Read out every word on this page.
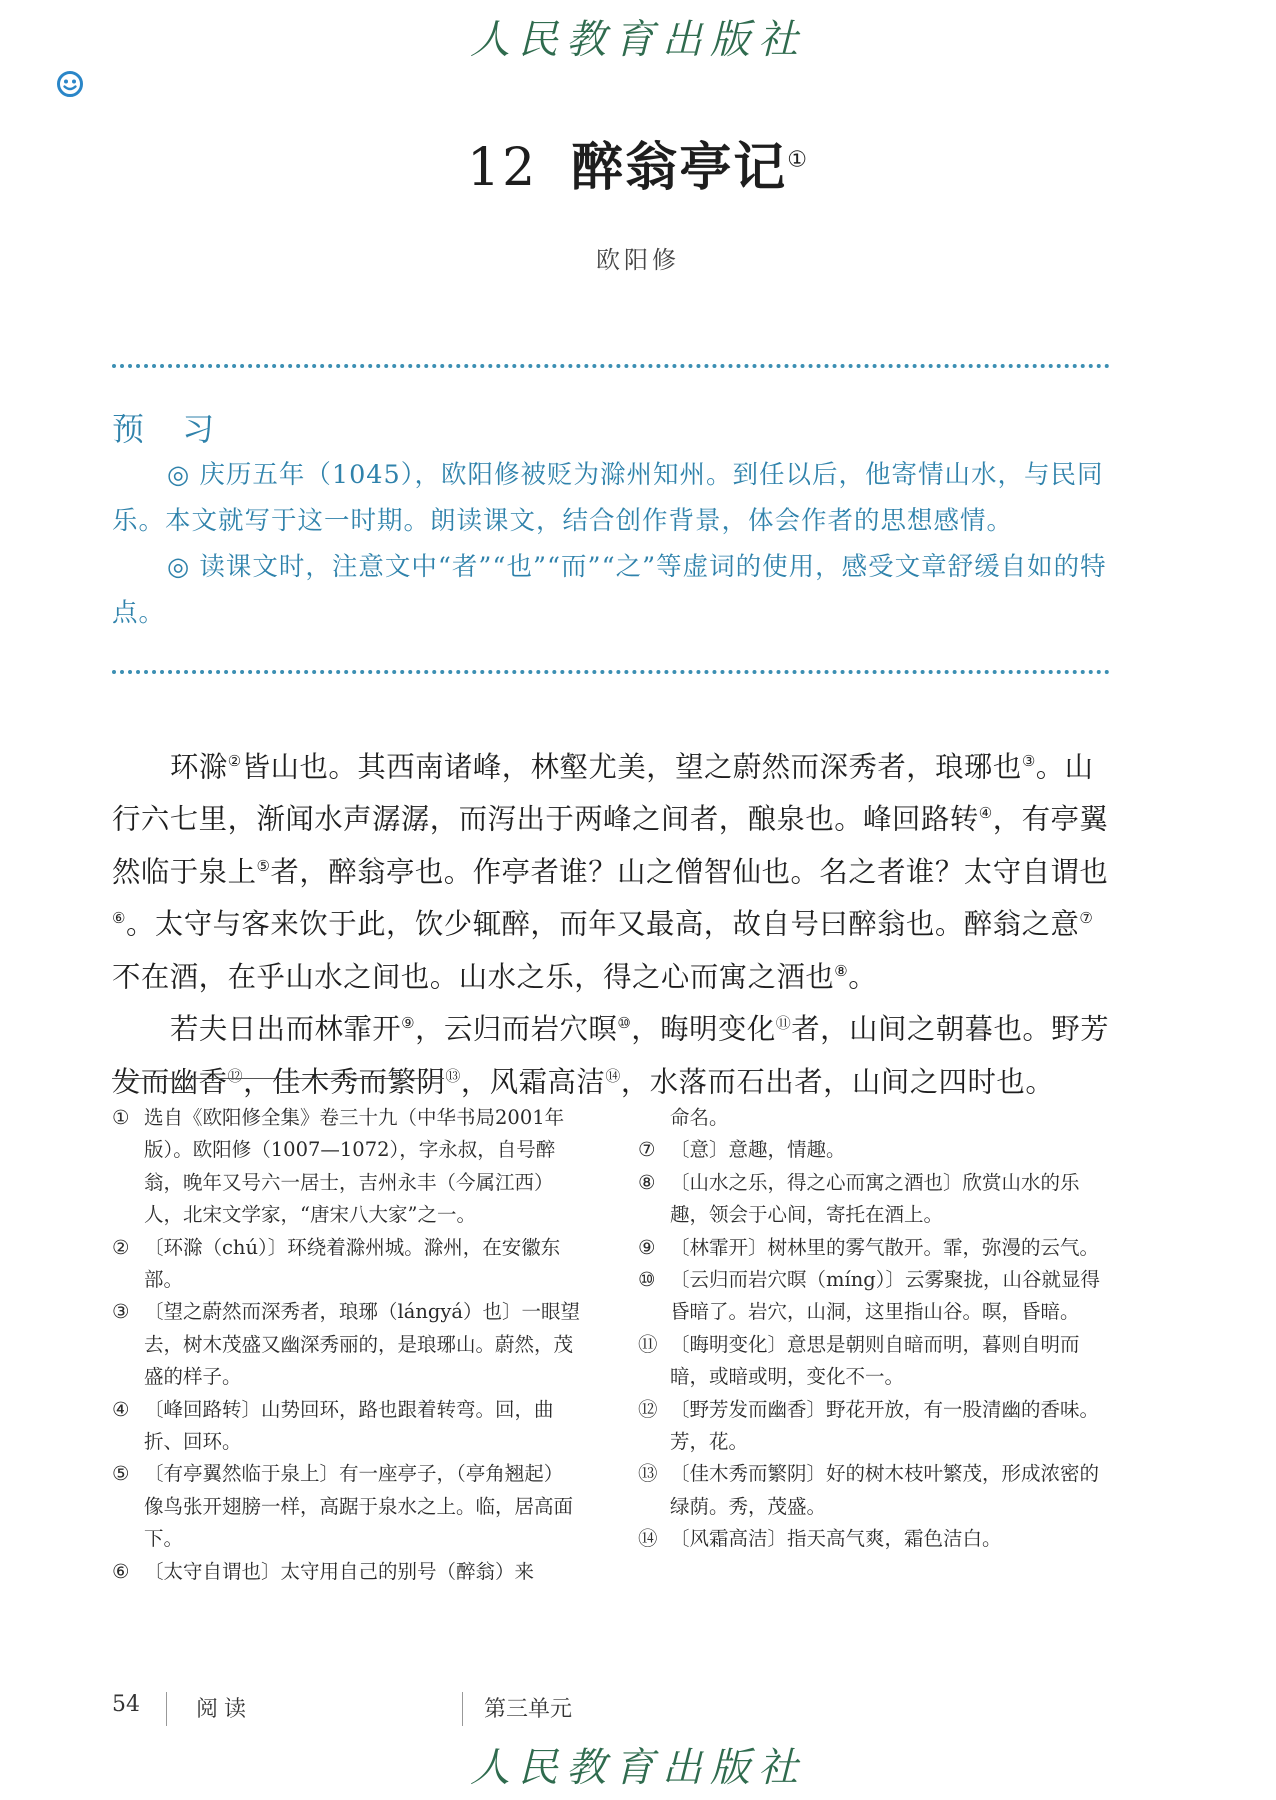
人民教育出版社
12 醉翁亭记①
欧阳修
预 习

◎ 庆历五年（1045），欧阳修被贬为滁州知州。到任以后，他寄情山水，与民同乐。本文就写于这一时期。朗读课文，结合创作背景，体会作者的思想感情。

◎ 读课文时，注意文中“者”“也”“而”“之”等虚词的使用，感受文章舒缓自如的特点。

环滁②皆山也。其西南诸峰，林壑尤美，望之蔚然而深秀者，琅琊也③。山行六七里，渐闻水声潺潺，而泻出于两峰之间者，酿泉也。峰回路转④，有亭翼然临于泉上⑤者，醉翁亭也。作亭者谁？山之僧智仙也。名之者谁？太守自谓也⑥。太守与客来饮于此，饮少辄醉，而年又最高，故自号曰醉翁也。醉翁之意⑦不在酒，在乎山水之间也。山水之乐，得之心而寓之酒也⑧。

若夫日出而林霏开⑨，云归而岩穴暝⑩，晦明变化⑪者，山间之朝暮也。野芳发而幽香⑫，佳木秀而繁阴⑬，风霜高洁⑭，水落而石出者，山间之四时也。

① 选自《欧阳修全集》卷三十九（中华书局2001年版）。欧阳修（1007—1072），字永叔，自号醉翁，晚年又号六一居士，吉州永丰（今属江西）人，北宋文学家，“唐宋八大家”之一。
② 〔环滁（chú）〕环绕着滁州城。滁州，在安徽东部。
③ 〔望之蔚然而深秀者，琅琊（lángyá）也〕一眼望去，树木茂盛又幽深秀丽的，是琅琊山。蔚然，茂盛的样子。
④ 〔峰回路转〕山势回环，路也跟着转弯。回，曲折、回环。
⑤ 〔有亭翼然临于泉上〕有一座亭子，（亭角翘起）像鸟张开翅膀一样，高踞于泉水之上。临，居高面下。
⑥ 〔太守自谓也〕太守用自己的别号（醉翁）来
命名。
⑦ 〔意〕意趣，情趣。
⑧ 〔山水之乐，得之心而寓之酒也〕欣赏山水的乐趣，领会于心间，寄托在酒上。
⑨ 〔林霏开〕树林里的雾气散开。霏，弥漫的云气。
⑩ 〔云归而岩穴暝（míng）〕云雾聚拢，山谷就显得昏暗了。岩穴，山洞，这里指山谷。暝，昏暗。
⑪ 〔晦明变化〕意思是朝则自暗而明，暮则自明而暗，或暗或明，变化不一。
⑫ 〔野芳发而幽香〕野花开放，有一股清幽的香味。芳，花。
⑬ 〔佳木秀而繁阴〕好的树木枝叶繁茂，形成浓密的绿荫。秀，茂盛。
⑭ 〔风霜高洁〕指天高气爽，霜色洁白。
54	阅读	第三单元
人民教育出版社
